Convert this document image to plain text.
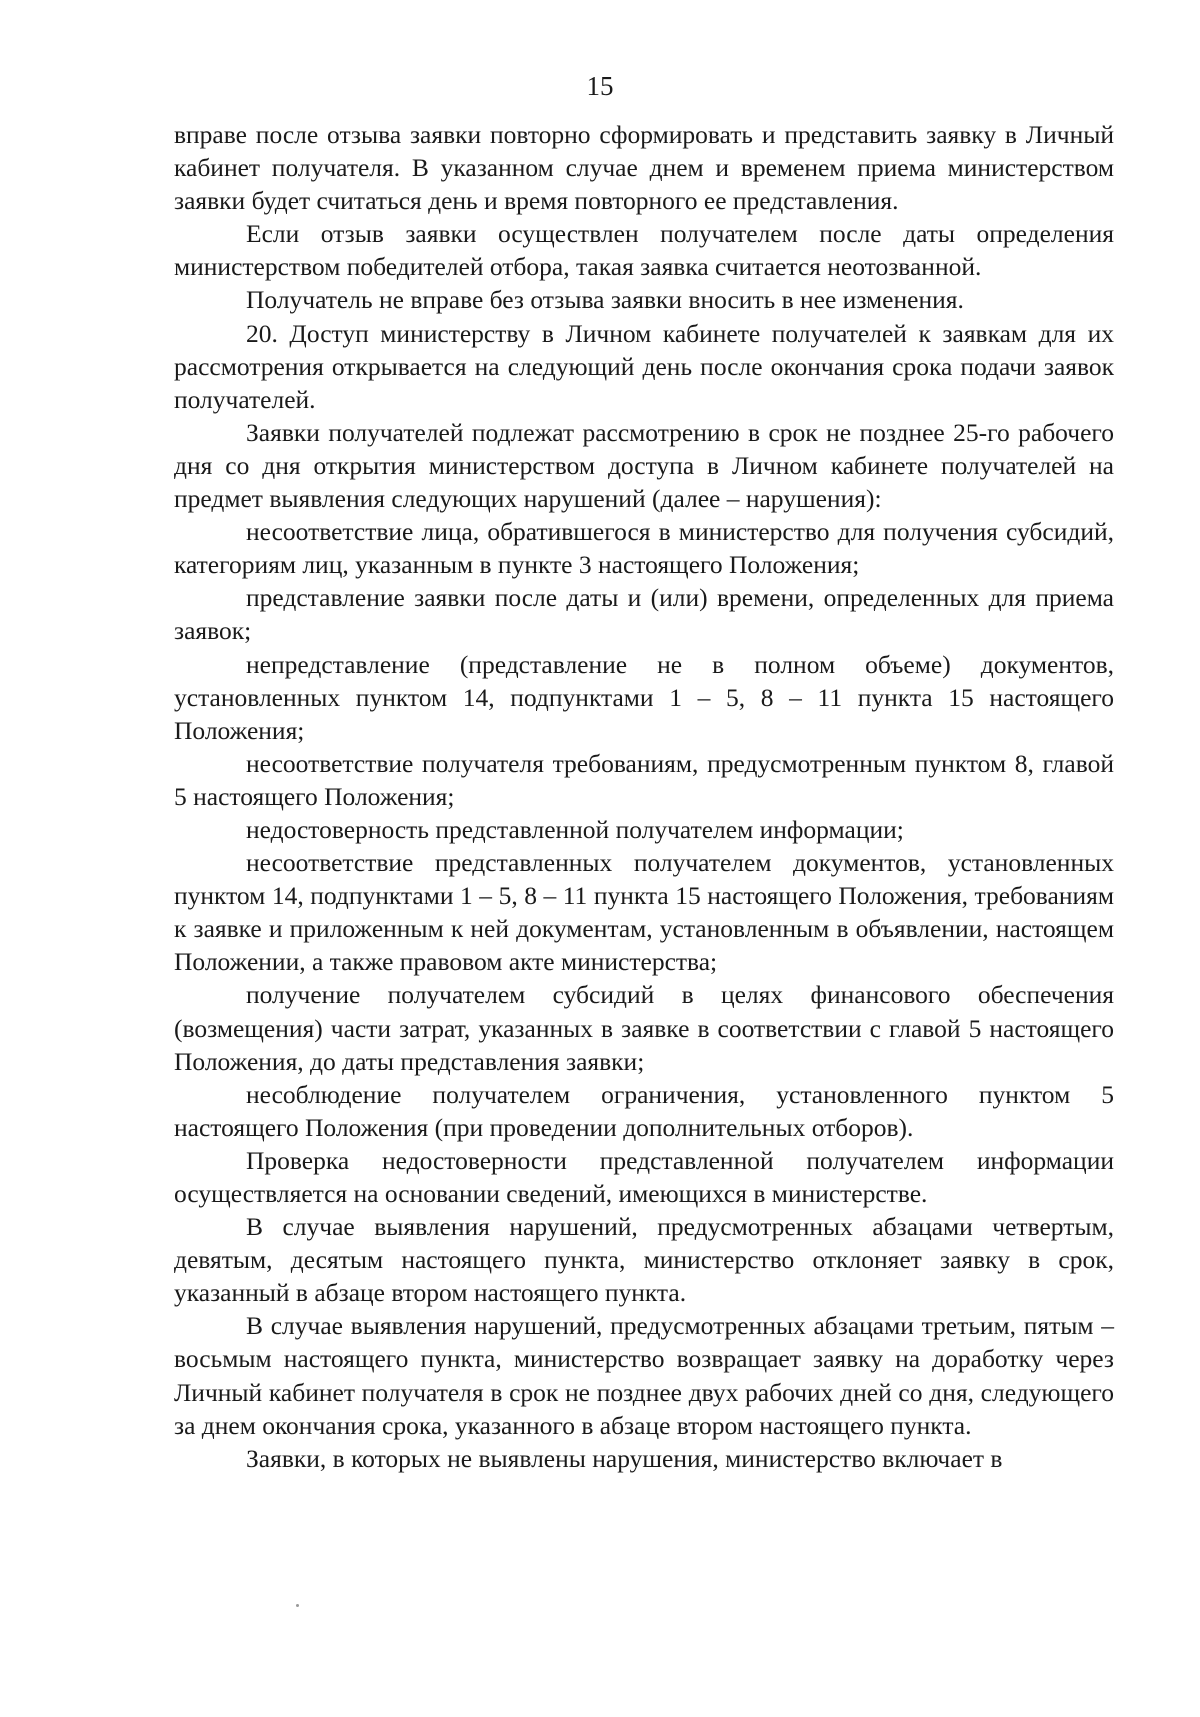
15

вправе после отзыва заявки повторно сформировать и представить заявку в Личный кабинет получателя. В указанном случае днем и временем приема министерством заявки будет считаться день и время повторного ее представления.

Если отзыв заявки осуществлен получателем после даты определения министерством победителей отбора, такая заявка считается неотозванной.

Получатель не вправе без отзыва заявки вносить в нее изменения.

20. Доступ министерству в Личном кабинете получателей к заявкам для их рассмотрения открывается на следующий день после окончания срока подачи заявок получателей.

Заявки получателей подлежат рассмотрению в срок не позднее 25-го рабочего дня со дня открытия министерством доступа в Личном кабинете получателей на предмет выявления следующих нарушений (далее – нарушения):

несоответствие лица, обратившегося в министерство для получения субсидий, категориям лиц, указанным в пункте 3 настоящего Положения;

представление заявки после даты и (или) времени, определенных для приема заявок;

непредставление (представление не в полном объеме) документов, установленных пунктом 14, подпунктами 1 – 5, 8 – 11 пункта 15 настоящего Положения;

несоответствие получателя требованиям, предусмотренным пунктом 8, главой 5 настоящего Положения;

недостоверность представленной получателем информации;

несоответствие представленных получателем документов, установленных пунктом 14, подпунктами 1 – 5, 8 – 11 пункта 15 настоящего Положения, требованиям к заявке и приложенным к ней документам, установленным в объявлении, настоящем Положении, а также правовом акте министерства;

получение получателем субсидий в целях финансового обеспечения (возмещения) части затрат, указанных в заявке в соответствии с главой 5 настоящего Положения, до даты представления заявки;

несоблюдение получателем ограничения, установленного пунктом 5 настоящего Положения (при проведении дополнительных отборов).

Проверка недостоверности представленной получателем информации осуществляется на основании сведений, имеющихся в министерстве.

В случае выявления нарушений, предусмотренных абзацами четвертым, девятым, десятым настоящего пункта, министерство отклоняет заявку в срок, указанный в абзаце втором настоящего пункта.

В случае выявления нарушений, предусмотренных абзацами третьим, пятым – восьмым настоящего пункта, министерство возвращает заявку на доработку через Личный кабинет получателя в срок не позднее двух рабочих дней со дня, следующего за днем окончания срока, указанного в абзаце втором настоящего пункта.

Заявки, в которых не выявлены нарушения, министерство включает в
